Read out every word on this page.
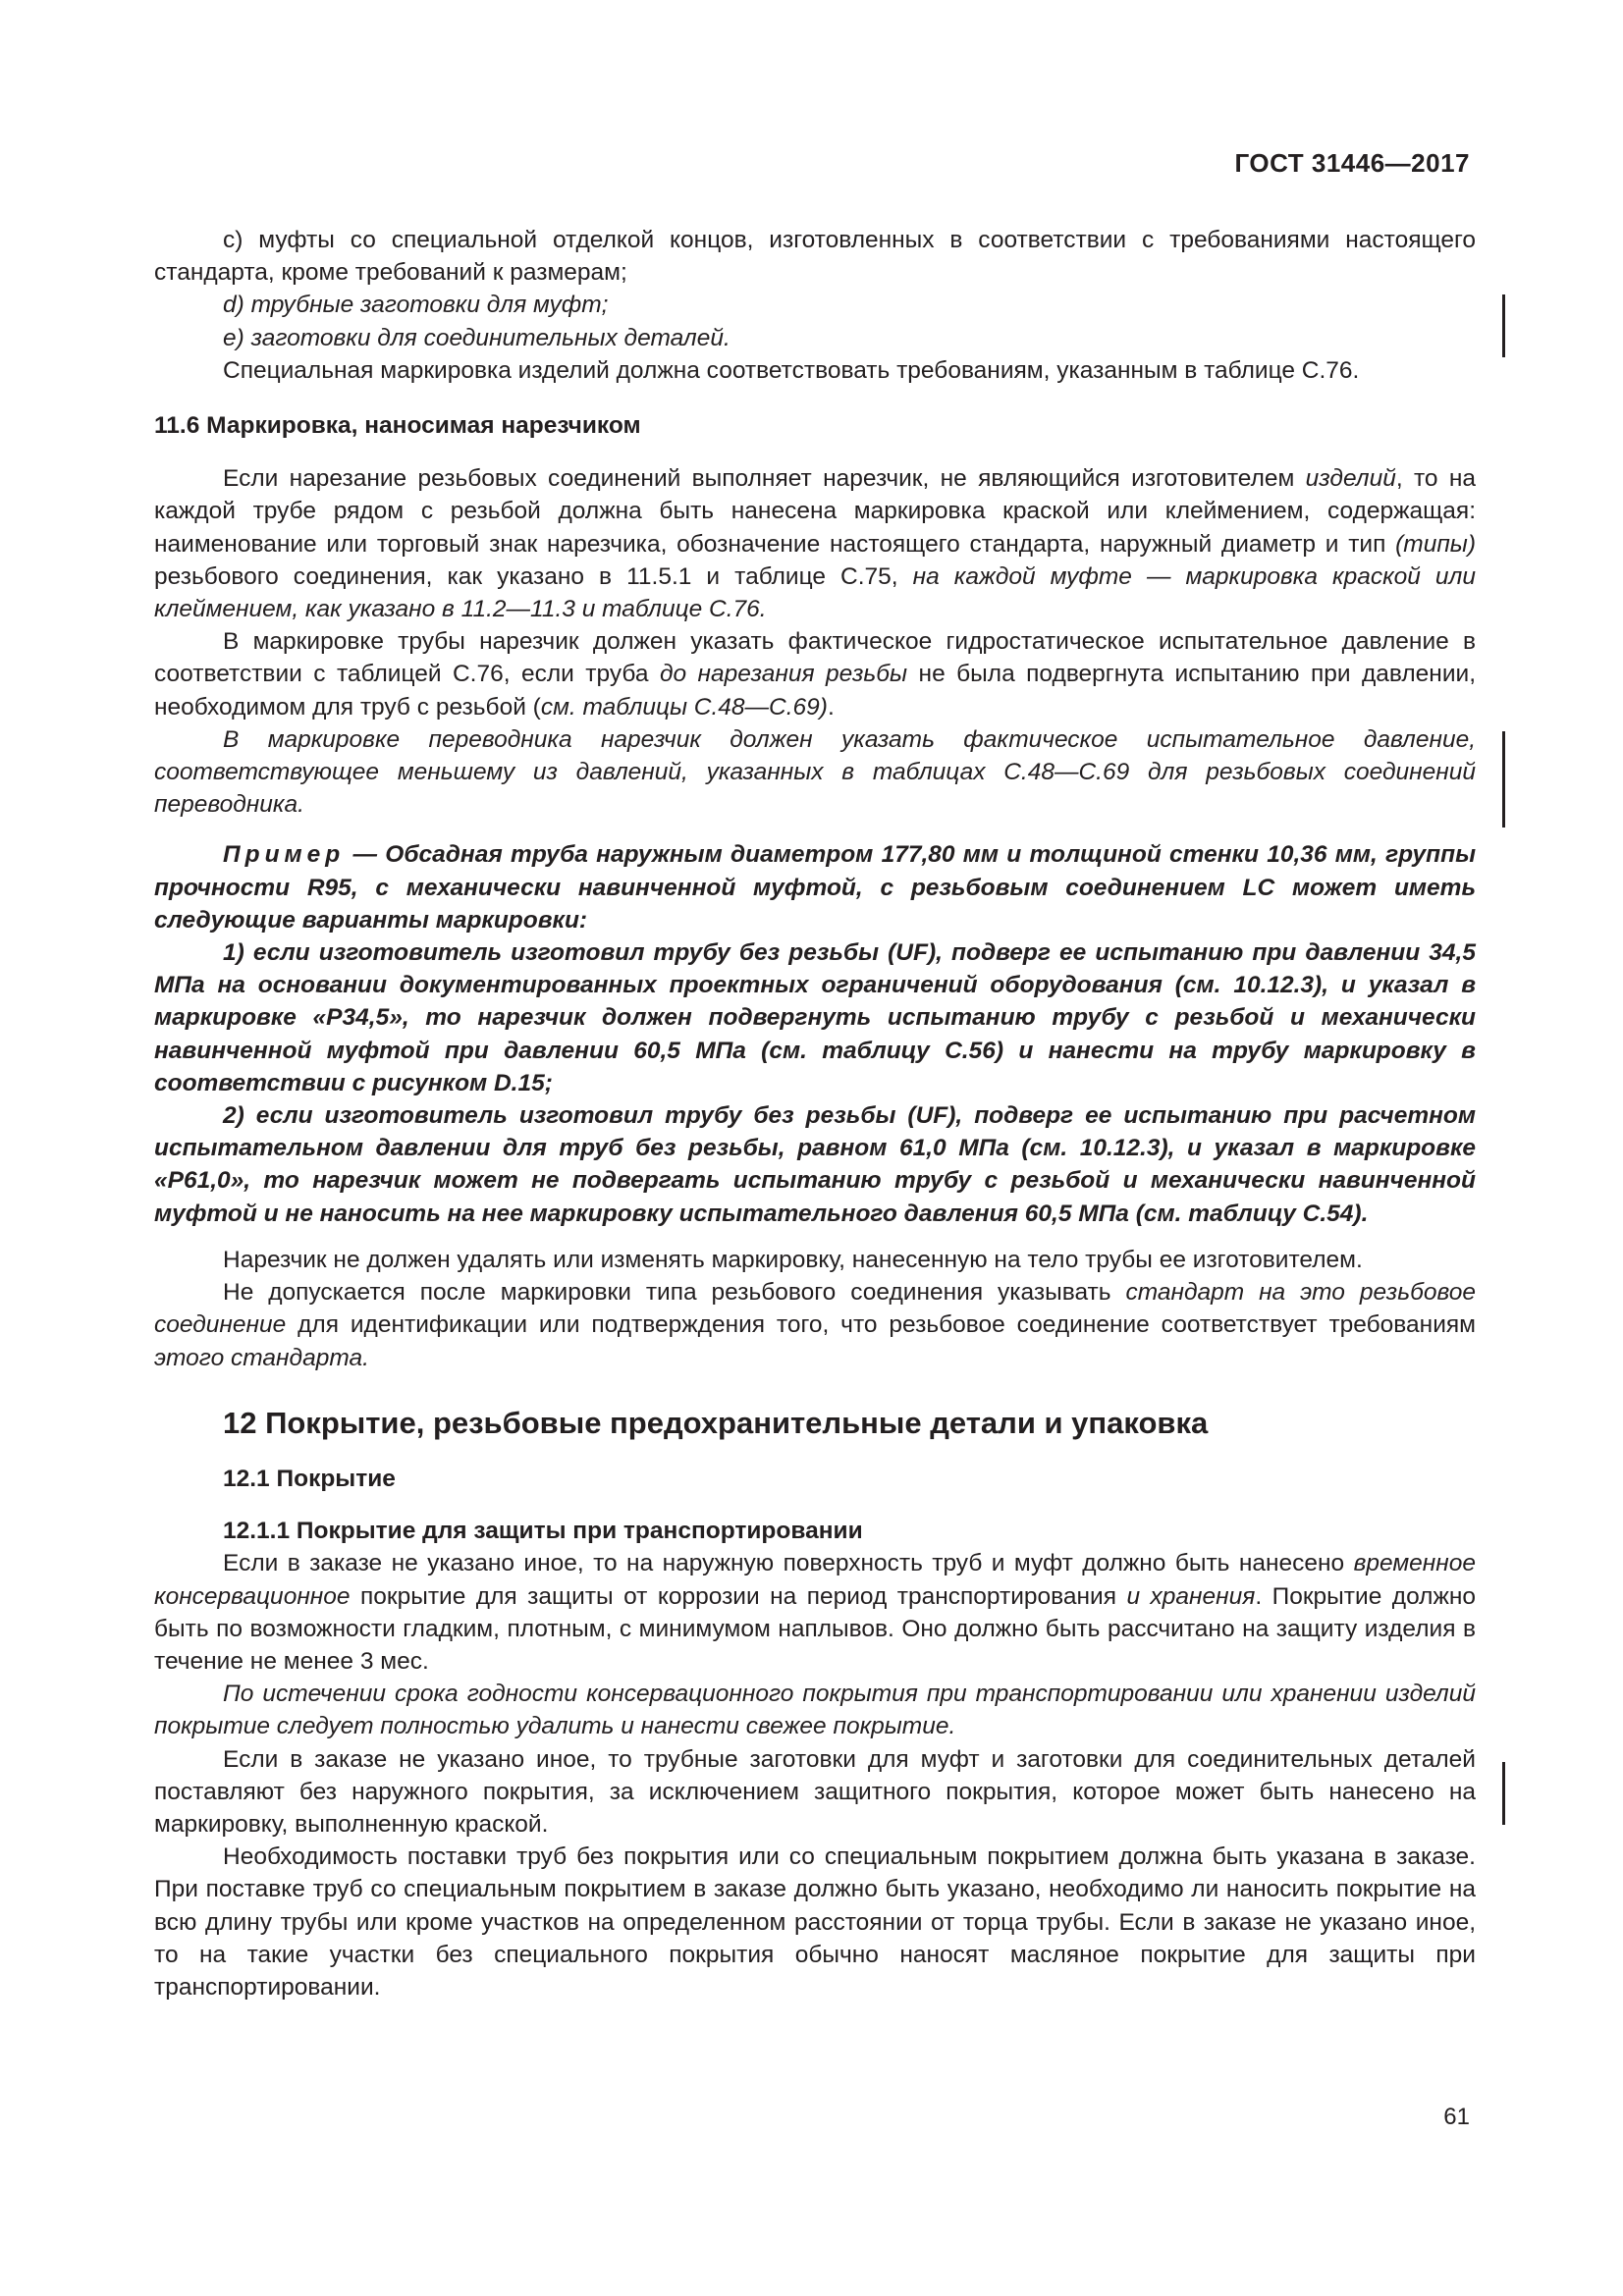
ГОСТ 31446—2017

с) муфты со специальной отделкой концов, изготовленных в соответствии с требованиями настоящего стандарта, кроме требований к размерам;

d) трубные заготовки для муфт;

е) заготовки для соединительных деталей.

Специальная маркировка изделий должна соответствовать требованиям, указанным в таблице С.76.

11.6 Маркировка, наносимая нарезчиком

Если нарезание резьбовых соединений выполняет нарезчик, не являющийся изготовителем изделий, то на каждой трубе рядом с резьбой должна быть нанесена маркировка краской или клеймением, содержащая: наименование или торговый знак нарезчика, обозначение настоящего стандарта, наружный диаметр и тип (типы) резьбового соединения, как указано в 11.5.1 и таблице С.75, на каждой муфте — маркировка краской или клеймением, как указано в 11.2—11.3 и таблице С.76.

В маркировке трубы нарезчик должен указать фактическое гидростатическое испытательное давление в соответствии с таблицей С.76, если труба до нарезания резьбы не была подвергнута испытанию при давлении, необходимом для труб с резьбой (см. таблицы С.48—С.69).

В маркировке переводника нарезчик должен указать фактическое испытательное давление, соответствующее меньшему из давлений, указанных в таблицах С.48—С.69 для резьбовых соединений переводника.

Пример — Обсадная труба наружным диаметром 177,80 мм и толщиной стенки 10,36 мм, группы прочности R95, с механически навинченной муфтой, с резьбовым соединением LC может иметь следующие варианты маркировки:

1) если изготовитель изготовил трубу без резьбы (UF), подверг ее испытанию при давлении 34,5 МПа на основании документированных проектных ограничений оборудования (см. 10.12.3), и указал в маркировке «Р34,5», то нарезчик должен подвергнуть испытанию трубу с резьбой и механически навинченной муфтой при давлении 60,5 МПа (см. таблицу С.56) и нанести на трубу маркировку в соответствии с рисунком D.15;

2) если изготовитель изготовил трубу без резьбы (UF), подверг ее испытанию при расчетном испытательном давлении для труб без резьбы, равном 61,0 МПа (см. 10.12.3), и указал в маркировке «Р61,0», то нарезчик может не подвергать испытанию трубу с резьбой и механически навинченной муфтой и не наносить на нее маркировку испытательного давления 60,5 МПа (см. таблицу С.54).

Нарезчик не должен удалять или изменять маркировку, нанесенную на тело трубы ее изготовителем.

Не допускается после маркировки типа резьбового соединения указывать стандарт на это резьбовое соединение для идентификации или подтверждения того, что резьбовое соединение соответствует требованиям этого стандарта.

12 Покрытие, резьбовые предохранительные детали и упаковка
12.1 Покрытие
12.1.1 Покрытие для защиты при транспортировании

Если в заказе не указано иное, то на наружную поверхность труб и муфт должно быть нанесено временное консервационное покрытие для защиты от коррозии на период транспортирования и хранения. Покрытие должно быть по возможности гладким, плотным, с минимумом наплывов. Оно должно быть рассчитано на защиту изделия в течение не менее 3 мес.

По истечении срока годности консервационного покрытия при транспортировании или хранении изделий покрытие следует полностью удалить и нанести свежее покрытие.

Если в заказе не указано иное, то трубные заготовки для муфт и заготовки для соединительных деталей поставляют без наружного покрытия, за исключением защитного покрытия, которое может быть нанесено на маркировку, выполненную краской.

Необходимость поставки труб без покрытия или со специальным покрытием должна быть указана в заказе. При поставке труб со специальным покрытием в заказе должно быть указано, необходимо ли наносить покрытие на всю длину трубы или кроме участков на определенном расстоянии от торца трубы. Если в заказе не указано иное, то на такие участки без специального покрытия обычно наносят масляное покрытие для защиты при транспортировании.

61
